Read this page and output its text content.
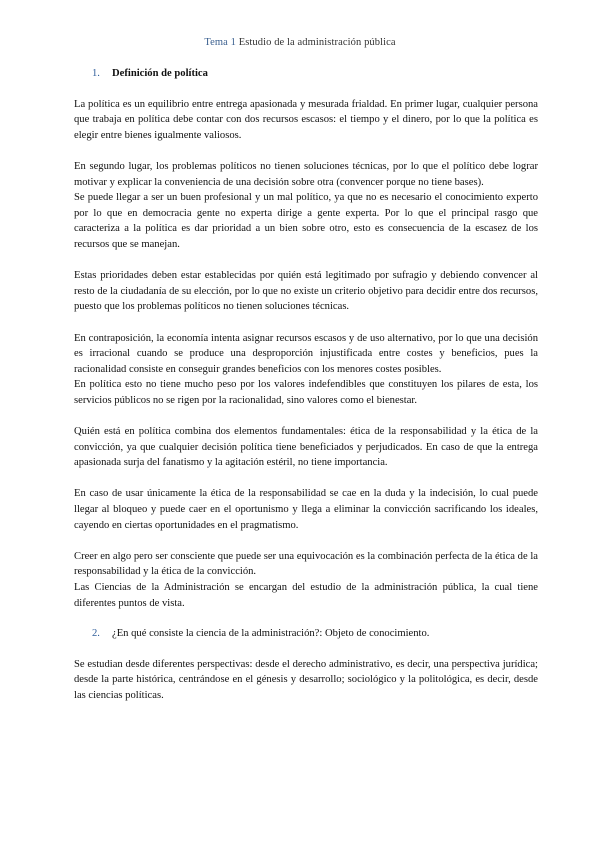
Tema 1 Estudio de la administración pública
1.	Definición de política

La política es un equilibrio entre entrega apasionada y mesurada frialdad. En primer lugar, cualquier persona que trabaja en política debe contar con dos recursos escasos: el tiempo y el dinero, por lo que la política es elegir entre bienes igualmente valiosos.

En segundo lugar, los problemas políticos no tienen soluciones técnicas, por lo que el político debe lograr motivar y explicar la conveniencia de una decisión sobre otra (convencer porque no tiene bases).

Se puede llegar a ser un buen profesional y un mal político, ya que no es necesario el conocimiento experto por lo que en democracia gente no experta dirige a gente experta. Por lo que el principal rasgo que caracteriza a la política es dar prioridad a un bien sobre otro, esto es consecuencia de la escasez de los recursos que se manejan.

Estas prioridades deben estar establecidas por quién está legitimado por sufragio y debiendo convencer al resto de la ciudadanía de su elección, por lo que no existe un criterio objetivo para decidir entre dos recursos, puesto que los problemas políticos no tienen soluciones técnicas.

En contraposición, la economía intenta asignar recursos escasos y de uso alternativo, por lo que una decisión es irracional cuando se produce una desproporción injustificada entre costes y beneficios, pues la racionalidad consiste en conseguir grandes beneficios con los menores costes posibles.

En política esto no tiene mucho peso por los valores indefendibles que constituyen los pilares de esta, los servicios públicos no se rigen por la racionalidad, sino valores como el bienestar.

Quién está en política combina dos elementos fundamentales: ética de la responsabilidad y la ética de la convicción, ya que cualquier decisión política tiene beneficiados y perjudicados. En caso de que la entrega apasionada surja del fanatismo y la agitación estéril, no tiene importancia.

En caso de usar únicamente la ética de la responsabilidad se cae en la duda y la indecisión, lo cual puede llegar al bloqueo y puede caer en el oportunismo y llega a eliminar la convicción sacrificando los ideales, cayendo en ciertas oportunidades en el pragmatismo.

Creer en algo pero ser consciente que puede ser una equivocación es la combinación perfecta de la ética de la responsabilidad y la ética de la convicción.

Las Ciencias de la Administración se encargan del estudio de la administración pública, la cual tiene diferentes puntos de vista.

2.	¿En qué consiste la ciencia de la administración?: Objeto de conocimiento.

Se estudian desde diferentes perspectivas: desde el derecho administrativo, es decir, una perspectiva jurídica; desde la parte histórica, centrándose en el génesis y desarrollo; sociológico y la politológica, es decir, desde las ciencias políticas.
